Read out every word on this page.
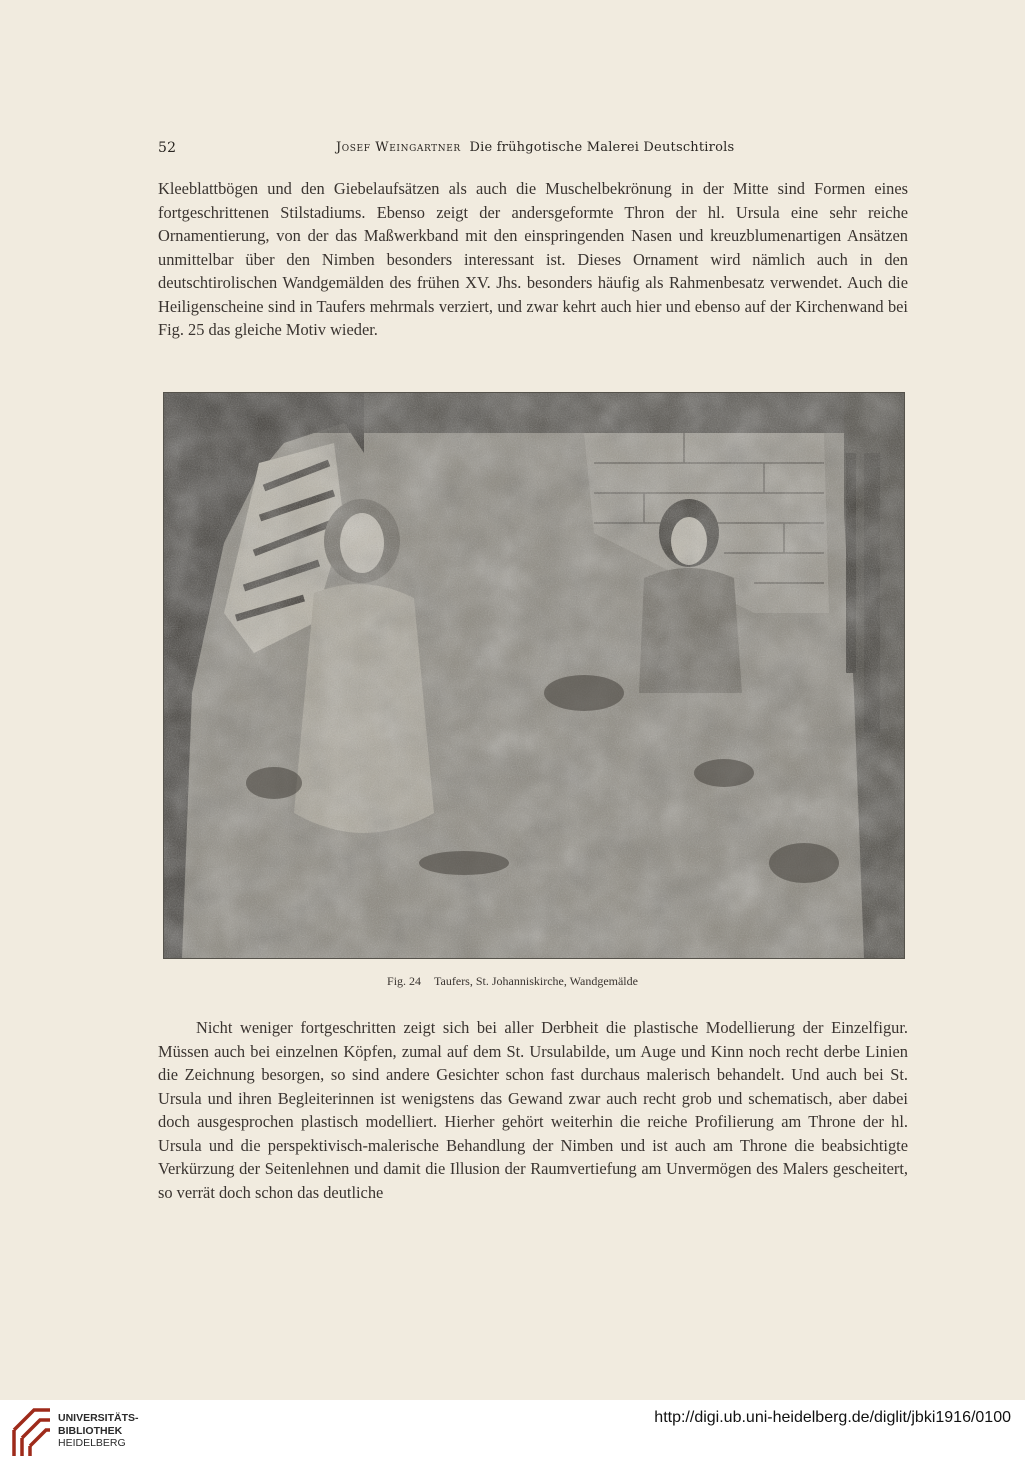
52	Josef Weingartner Die frühgotische Malerei Deutschtirols
Kleeblattbögen und den Giebelaufsätzen als auch die Muschelbekrönung in der Mitte sind Formen eines fortgeschrittenen Stilstadiums. Ebenso zeigt der andersgeformte Thron der hl. Ursula eine sehr reiche Ornamentierung, von der das Maßwerkband mit den einspringenden Nasen und kreuzblumenartigen Ansätzen unmittelbar über den Nimben besonders interessant ist. Dieses Ornament wird nämlich auch in den deutschtirolischen Wandgemälden des frühen XV. Jhs. besonders häufig als Rahmenbesatz verwendet. Auch die Heiligenscheine sind in Taufers mehrmals verziert, und zwar kehrt auch hier und ebenso auf der Kirchenwand bei Fig. 25 das gleiche Motiv wieder.
Fig. 24 Taufers, St. Johanniskirche, Wandgemälde
Nicht weniger fortgeschritten zeigt sich bei aller Derbheit die plastische Modellierung der Einzelfigur. Müssen auch bei einzelnen Köpfen, zumal auf dem St. Ursulabilde, um Auge und Kinn noch recht derbe Linien die Zeichnung besorgen, so sind andere Gesichter schon fast durchaus malerisch behandelt. Und auch bei St. Ursula und ihren Begleiterinnen ist wenigstens das Gewand zwar auch recht grob und schematisch, aber dabei doch ausgesprochen plastisch modelliert. Hierher gehört weiterhin die reiche Profilierung am Throne der hl. Ursula und die perspektivisch-malerische Behandlung der Nimben und ist auch am Throne die beabsichtigte Verkürzung der Seitenlehnen und damit die Illusion der Raumvertiefung am Unvermögen des Malers gescheitert, so verrät doch schon das deutliche
UNIVERSITÄTS-
BIBLIOTHEK
HEIDELBERG
http://digi.ub.uni-heidelberg.de/diglit/jbki1916/0100
